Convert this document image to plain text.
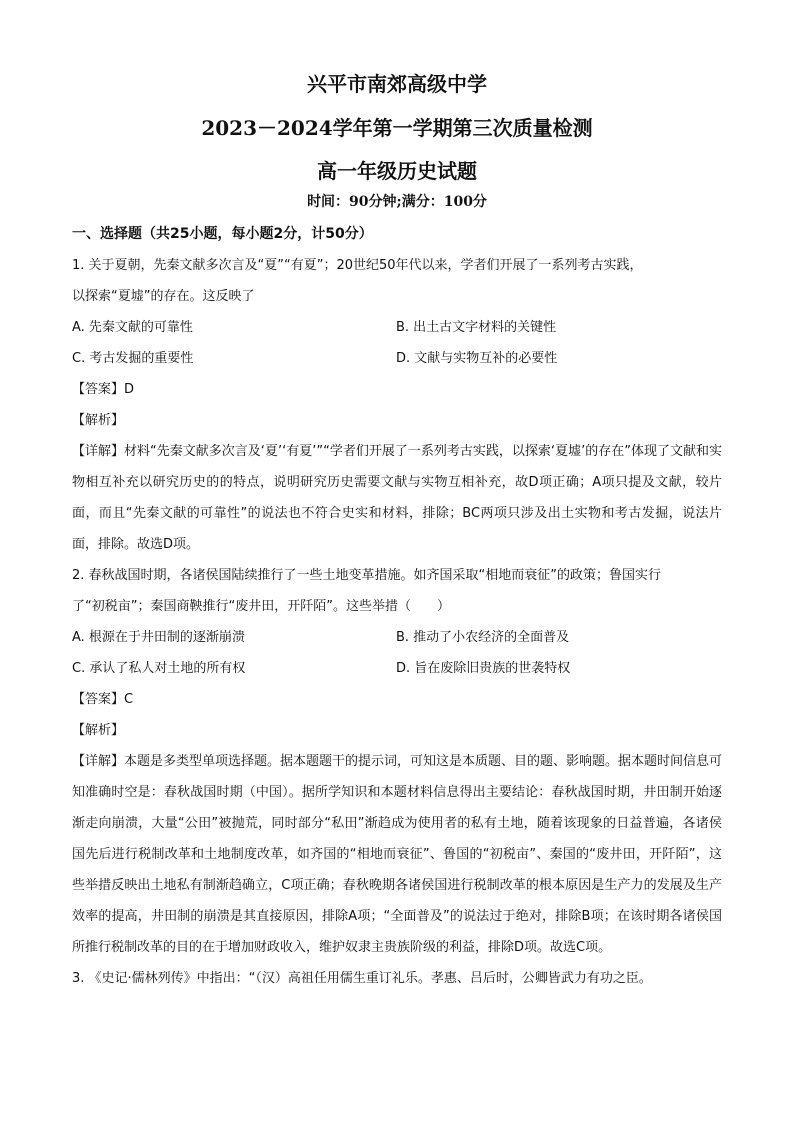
兴平市南郊高级中学
2023－2024学年第一学期第三次质量检测
高一年级历史试题
时间：90分钟;满分：100分
一、选择题（共25小题，每小题2分，计50分）
1. 关于夏朝，先秦文献多次言及“夏”“有夏”；20世纪50年代以来，学者们开展了一系列考古实践，
以探索“夏墟”的存在。这反映了
A. 先秦文献的可靠性	B. 出土古文字材料的关键性
C. 考古发掘的重要性	D. 文献与实物互补的必要性
【答案】D
【解析】
【详解】材料“先秦文献多次言及‘夏’‘有夏’”“学者们开展了一系列考古实践，以探索‘夏墟’的存在”体现了文献和实物相互补充以研究历史的的特点，说明研究历史需要文献与实物互相补充，故D项正确；A项只提及文献，较片面，而且“先秦文献的可靠性”的说法也不符合史实和材料，排除；BC两项只涉及出土实物和考古发掘，说法片面，排除。故选D项。
2. 春秋战国时期，各诸侯国陆续推行了一些土地变革措施。如齐国采取“相地而衰征”的政策；鲁国实行
了“初税亩”；秦国商鞅推行“废井田，开阡陌”。这些举措（　　）
A. 根源在于井田制的逐渐崩溃	B. 推动了小农经济的全面普及
C. 承认了私人对土地的所有权	D. 旨在废除旧贵族的世袭特权
【答案】C
【解析】
【详解】本题是多类型单项选择题。据本题题干的提示词，可知这是本质题、目的题、影响题。据本题时间信息可知准确时空是：春秋战国时期（中国）。据所学知识和本题材料信息得出主要结论：春秋战国时期，井田制开始逐渐走向崩溃，大量“公田”被抛荒，同时部分“私田”渐趋成为使用者的私有土地，随着该现象的日益普遍，各诸侯国先后进行税制改革和土地制度改革，如齐国的“相地而衰征”、鲁国的“初税亩”、秦国的“废井田，开阡陌”，这些举措反映出土地私有制渐趋确立，C项正确；春秋晚期各诸侯国进行税制改革的根本原因是生产力的发展及生产效率的提高，井田制的崩溃是其直接原因，排除A项；“全面普及”的说法过于绝对，排除B项；在该时期各诸侯国所推行税制改革的目的在于增加财政收入，维护奴隶主贵族阶级的利益，排除D项。故选C项。
3. 《史记·儒林列传》中指出：“（汉）高祖任用儒生重订礼乐。孝惠、吕后时，公卿皆武力有功之臣。
